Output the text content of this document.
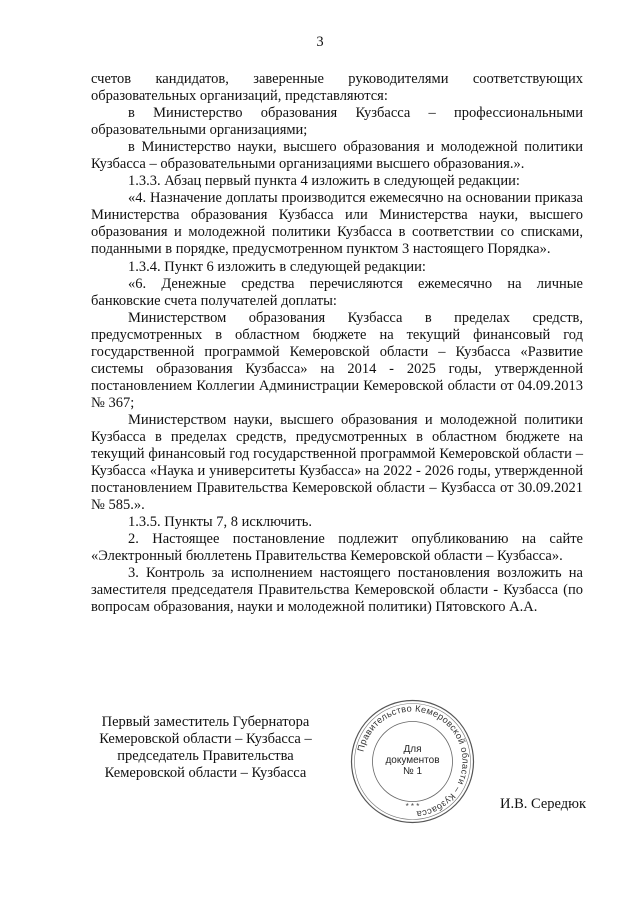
3

счетов кандидатов, заверенные руководителями соответствующих образовательных организаций, представляются:

в Министерство образования Кузбасса – профессиональными образовательными организациями;

в Министерство науки, высшего образования и молодежной политики Кузбасса – образовательными организациями высшего образования.».

1.3.3. Абзац первый пункта 4 изложить в следующей редакции:

«4. Назначение доплаты производится ежемесячно на основании приказа Министерства образования Кузбасса или Министерства науки, высшего образования и молодежной политики Кузбасса в соответствии со списками, поданными в порядке, предусмотренном пунктом 3 настоящего Порядка».

1.3.4. Пункт 6 изложить в следующей редакции:

«6. Денежные средства перечисляются ежемесячно на личные банковские счета получателей доплаты:

Министерством образования Кузбасса в пределах средств, предусмотренных в областном бюджете на текущий финансовый год государственной программой Кемеровской области – Кузбасса «Развитие системы образования Кузбасса» на 2014 - 2025 годы, утвержденной постановлением Коллегии Администрации Кемеровской области от 04.09.2013 № 367;

Министерством науки, высшего образования и молодежной политики Кузбасса в пределах средств, предусмотренных в областном бюджете на текущий финансовый год государственной программой Кемеровской области – Кузбасса «Наука и университеты Кузбасса» на 2022 - 2026 годы, утвержденной постановлением Правительства Кемеровской области – Кузбасса от 30.09.2021 № 585.».

1.3.5. Пункты 7, 8 исключить.

2. Настоящее постановление подлежит опубликованию на сайте «Электронный бюллетень Правительства Кемеровской области – Кузбасса».

3. Контроль за исполнением настоящего постановления возложить на заместителя председателя Правительства Кемеровской области - Кузбасса (по вопросам образования, науки и молодежной политики) Пятовского А.А.

Первый заместитель Губернатора
Кемеровской области – Кузбасса –
председатель Правительства
Кемеровской области – Кузбасса
Правительство Кемеровской области – Кузбасса
* * *
Для
документов
№ 1
И.В. Середюк
